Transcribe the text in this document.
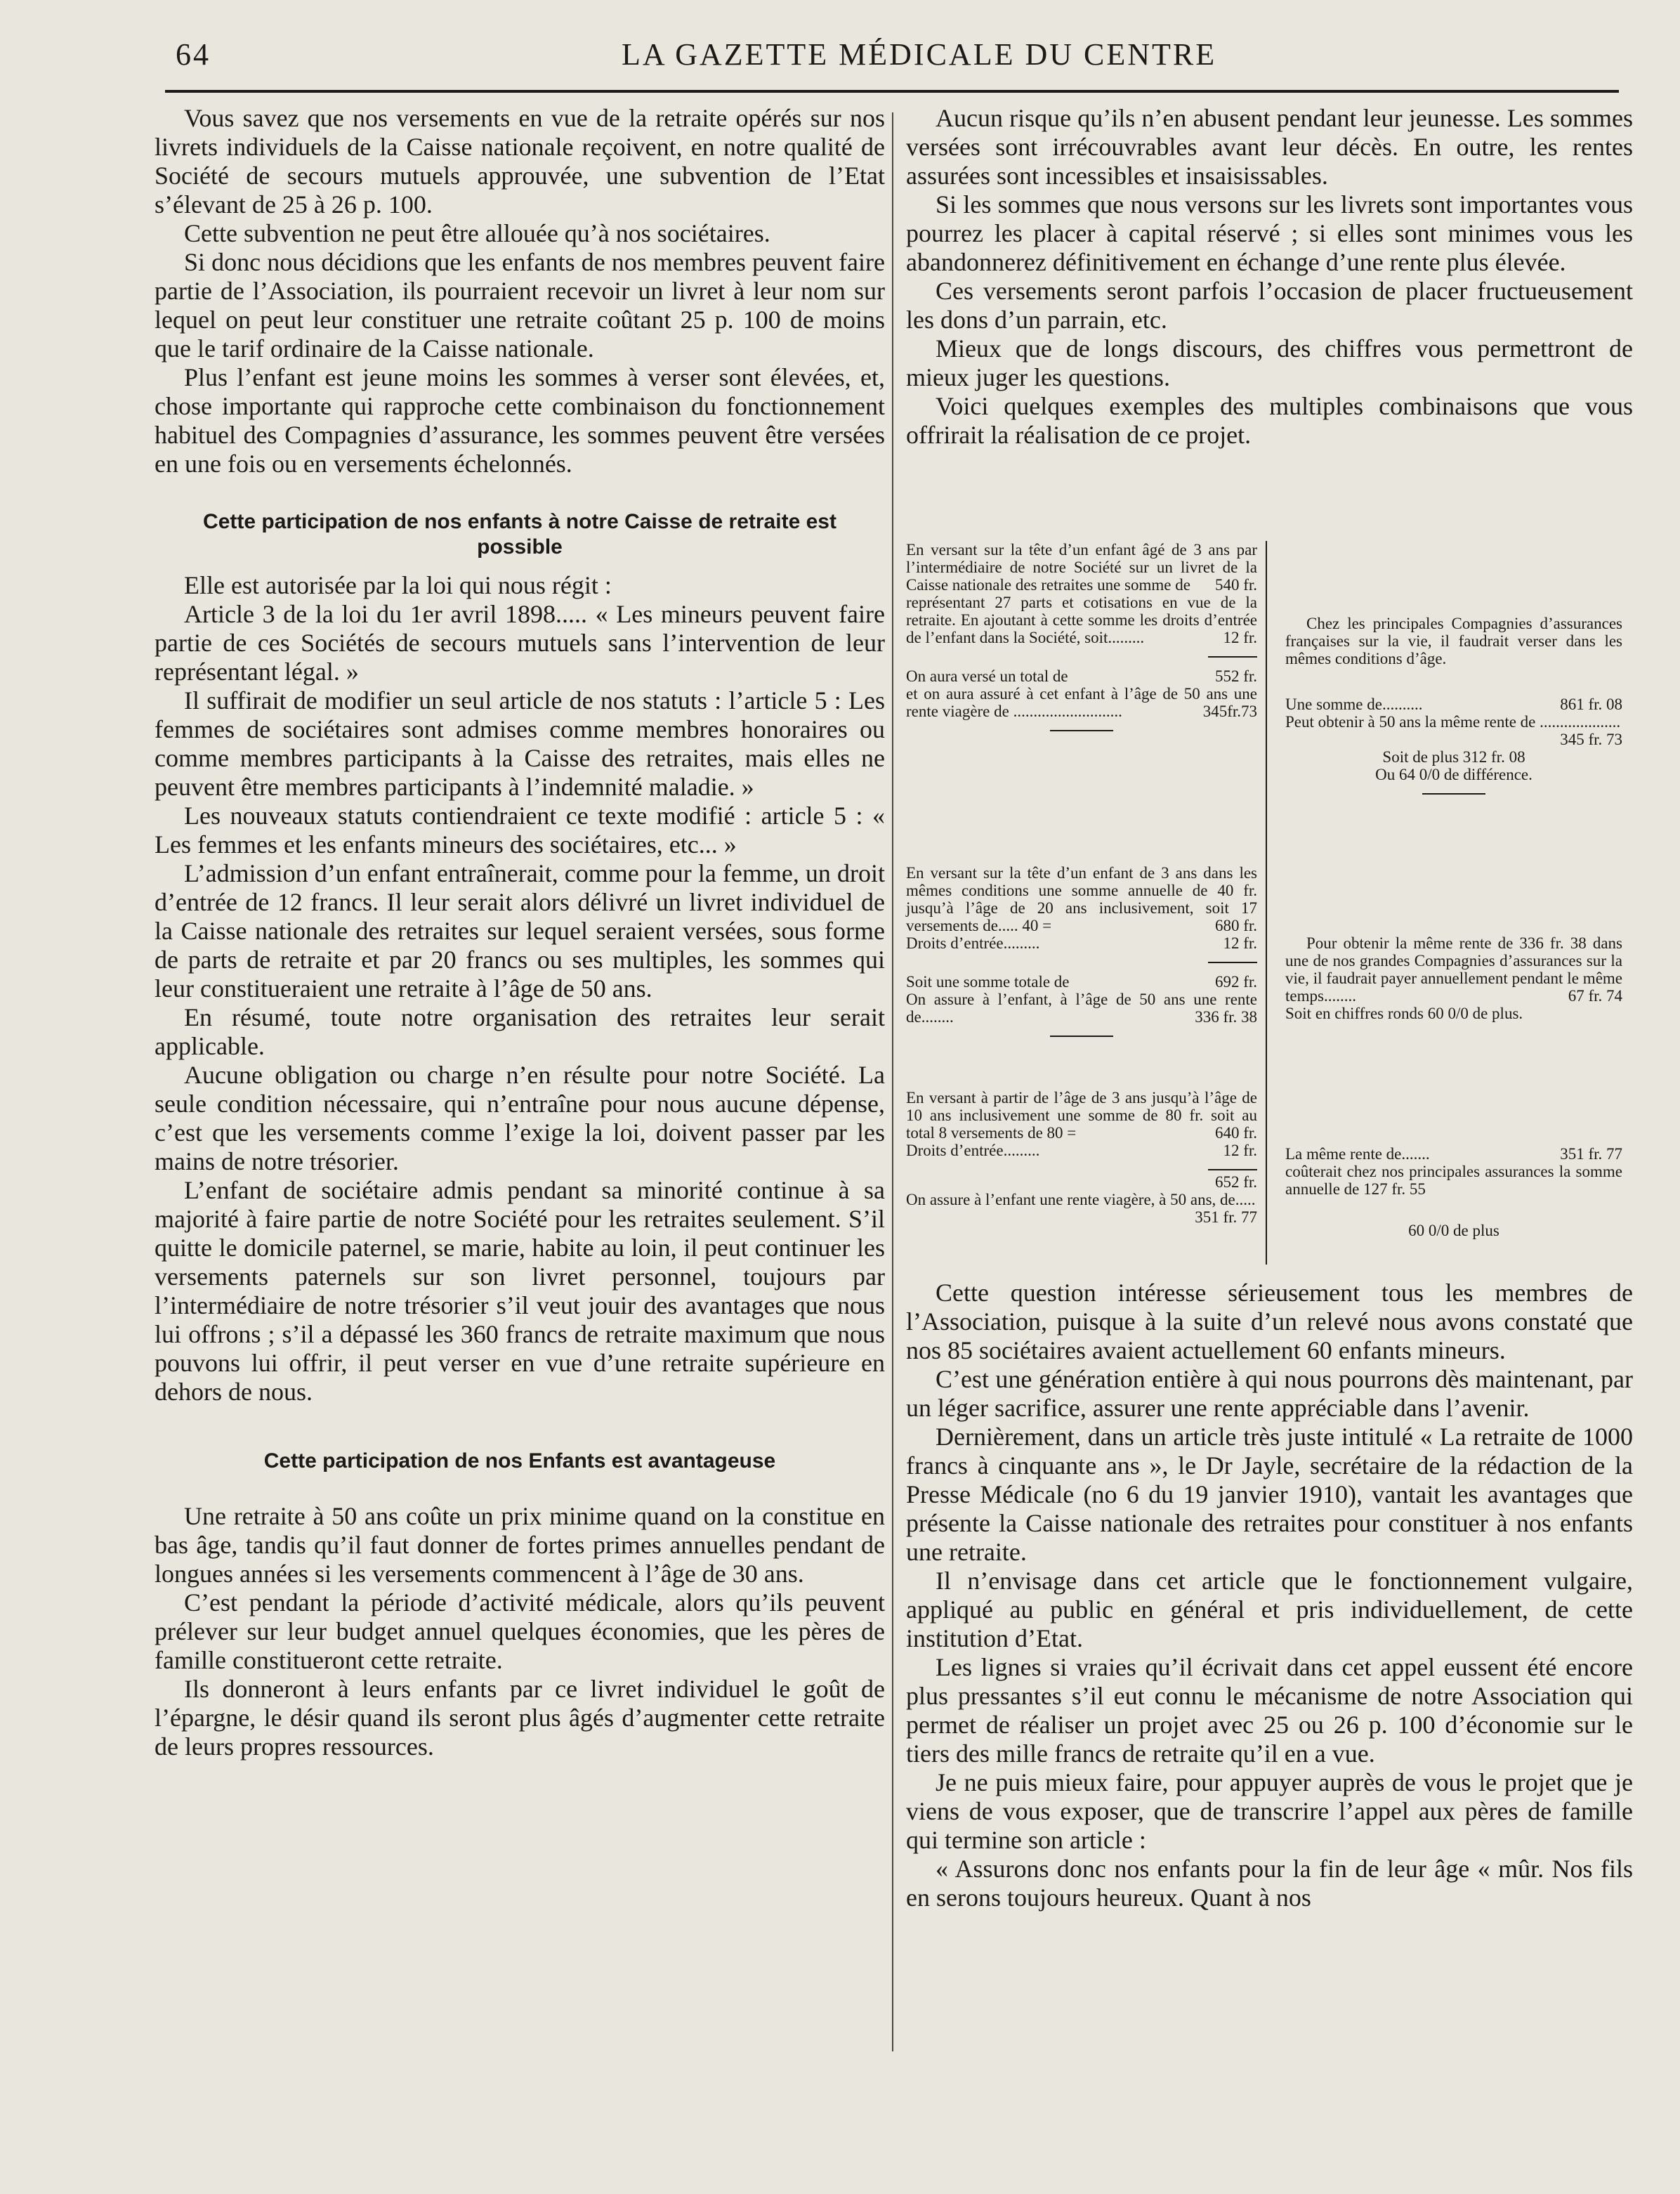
64	LA GAZETTE MÉDICALE DU CENTRE

Vous savez que nos versements en vue de la retraite opérés sur nos livrets individuels de la Caisse nationale reçoivent, en notre qualité de Société de secours mutuels approuvée, une subvention de l’Etat s’élevant de 25 à 26 p. 100.

Cette subvention ne peut être allouée qu’à nos sociétaires.

Si donc nous décidions que les enfants de nos membres peuvent faire partie de l’Association, ils pourraient recevoir un livret à leur nom sur lequel on peut leur constituer une retraite coûtant 25 p. 100 de moins que le tarif ordinaire de la Caisse nationale.

Plus l’enfant est jeune moins les sommes à verser sont élevées, et, chose importante qui rapproche cette combinaison du fonctionnement habituel des Compagnies d’assurance, les sommes peuvent être versées en une fois ou en versements échelonnés.

Cette participation de nos enfants à notre Caisse de retraite est possible

Elle est autorisée par la loi qui nous régit :

Article 3 de la loi du 1er avril 1898..... « Les mineurs peuvent faire partie de ces Sociétés de secours mutuels sans l’intervention de leur représentant légal. »

Il suffirait de modifier un seul article de nos statuts : l’article 5 : Les femmes de sociétaires sont admises comme membres honoraires ou comme membres participants à la Caisse des retraites, mais elles ne peuvent être membres participants à l’indemnité maladie. »

Les nouveaux statuts contiendraient ce texte modifié : article 5 : « Les femmes et les enfants mineurs des sociétaires, etc... »

L’admission d’un enfant entraînerait, comme pour la femme, un droit d’entrée de 12 francs. Il leur serait alors délivré un livret individuel de la Caisse nationale des retraites sur lequel seraient versées, sous forme de parts de retraite et par 20 francs ou ses multiples, les sommes qui leur constitueraient une retraite à l’âge de 50 ans.

En résumé, toute notre organisation des retraites leur serait applicable.

Aucune obligation ou charge n’en résulte pour notre Société. La seule condition nécessaire, qui n’entraîne pour nous aucune dépense, c’est que les versements comme l’exige la loi, doivent passer par les mains de notre trésorier.

L’enfant de sociétaire admis pendant sa minorité continue à sa majorité à faire partie de notre Société pour les retraites seulement. S’il quitte le domicile paternel, se marie, habite au loin, il peut continuer les versements paternels sur son livret personnel, toujours par l’intermédiaire de notre trésorier s’il veut jouir des avantages que nous lui offrons ; s’il a dépassé les 360 francs de retraite maximum que nous pouvons lui offrir, il peut verser en vue d’une retraite supérieure en dehors de nous.

Cette participation de nos Enfants est avantageuse

Une retraite à 50 ans coûte un prix minime quand on la constitue en bas âge, tandis qu’il faut donner de fortes primes annuelles pendant de longues années si les versements commencent à l’âge de 30 ans.

C’est pendant la période d’activité médicale, alors qu’ils peuvent prélever sur leur budget annuel quelques économies, que les pères de famille constitueront cette retraite.

Ils donneront à leurs enfants par ce livret individuel le goût de l’épargne, le désir quand ils seront plus âgés d’augmenter cette retraite de leurs propres ressources.

Aucun risque qu’ils n’en abusent pendant leur jeunesse. Les sommes versées sont irrécouvrables avant leur décès. En outre, les rentes assurées sont incessibles et insaisissables.

Si les sommes que nous versons sur les livrets sont importantes vous pourrez les placer à capital réservé ; si elles sont minimes vous les abandonnerez définitivement en échange d’une rente plus élevée.

Ces versements seront parfois l’occasion de placer fructueusement les dons d’un parrain, etc.

Mieux que de longs discours, des chiffres vous permettront de mieux juger les questions.

Voici quelques exemples des multiples combinaisons que vous offrirait la réalisation de ce projet.

En versant sur la tête d’un enfant âgé de 3 ans par l’intermédiaire de notre Société sur un livret de la Caisse nationale des retraites une somme de 540 fr.

représentant 27 parts et cotisations en vue de la retraite. En ajoutant à cette somme les droits d’entrée de l’enfant dans la Société, soit.........	12 fr.

On aura versé un total de	552 fr.

et on aura assuré à cet enfant à l’âge de 50 ans une rente viagère de ...........................	345fr.73

En versant sur la tête d’un enfant de 3 ans dans les mêmes conditions une somme annuelle de 40 fr. jusqu’à l’âge de 20 ans inclusivement, soit 17 versements de..... 40 =	680 fr.

Droits d’entrée.........	12 fr.

Soit une somme totale de	692 fr.

On assure à l’enfant, à l’âge de 50 ans une rente de........	336 fr. 38

En versant à partir de l’âge de 3 ans jusqu’à l’âge de 10 ans inclusivement une somme de 80 fr. soit au total 8 versements de 80 =	640 fr.

Droits d’entrée.........	12 fr.

652 fr.

On assure à l’enfant une rente viagère, à 50 ans, de.....
351 fr. 77

Chez les principales Compagnies d’assurances françaises sur la vie, il faudrait verser dans les mêmes conditions d’âge.

Une somme de..........	861 fr. 08

Peut obtenir à 50 ans la même rente de ....................
345 fr. 73

Soit de plus 312 fr. 08

Ou 64 0/0 de différence.

Pour obtenir la même rente de 336 fr. 38 dans une de nos grandes Compagnies d’assurances sur la vie, il faudrait payer annuellement pendant le même temps........	67 fr. 74

Soit en chiffres ronds 60 0/0 de plus.

La même rente de.......	351 fr. 77

coûterait chez nos principales assurances la somme annuelle de 127 fr. 55

60 0/0 de plus

Cette question intéresse sérieusement tous les membres de l’Association, puisque à la suite d’un relevé nous avons constaté que nos 85 sociétaires avaient actuellement 60 enfants mineurs.

C’est une génération entière à qui nous pourrons dès maintenant, par un léger sacrifice, assurer une rente appréciable dans l’avenir.

Dernièrement, dans un article très juste intitulé « La retraite de 1000 francs à cinquante ans », le Dr Jayle, secrétaire de la rédaction de la Presse Médicale (no 6 du 19 janvier 1910), vantait les avantages que présente la Caisse nationale des retraites pour constituer à nos enfants une retraite.

Il n’envisage dans cet article que le fonctionnement vulgaire, appliqué au public en général et pris individuellement, de cette institution d’Etat.

Les lignes si vraies qu’il écrivait dans cet appel eussent été encore plus pressantes s’il eut connu le mécanisme de notre Association qui permet de réaliser un projet avec 25 ou 26 p. 100 d’économie sur le tiers des mille francs de retraite qu’il en a vue.

Je ne puis mieux faire, pour appuyer auprès de vous le projet que je viens de vous exposer, que de transcrire l’appel aux pères de famille qui termine son article :

« Assurons donc nos enfants pour la fin de leur âge « mûr. Nos fils en serons toujours heureux. Quant à nos
